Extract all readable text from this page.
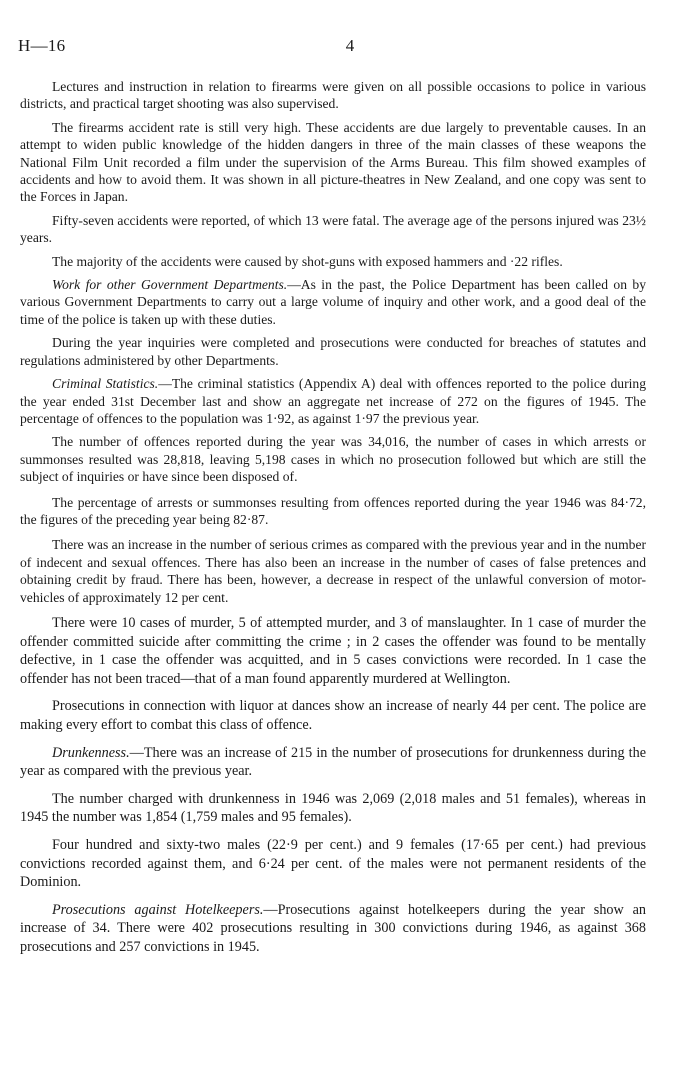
H—16	4

Lectures and instruction in relation to firearms were given on all possible occasions to police in various districts, and practical target shooting was also supervised.

The firearms accident rate is still very high. These accidents are due largely to preventable causes. In an attempt to widen public knowledge of the hidden dangers in three of the main classes of these weapons the National Film Unit recorded a film under the supervision of the Arms Bureau. This film showed examples of accidents and how to avoid them. It was shown in all picture-theatres in New Zealand, and one copy was sent to the Forces in Japan.

Fifty-seven accidents were reported, of which 13 were fatal. The average age of the persons injured was 23½ years.

The majority of the accidents were caused by shot-guns with exposed hammers and ·22 rifles.

Work for other Government Departments.—As in the past, the Police Department has been called on by various Government Departments to carry out a large volume of inquiry and other work, and a good deal of the time of the police is taken up with these duties.

During the year inquiries were completed and prosecutions were conducted for breaches of statutes and regulations administered by other Departments.

Criminal Statistics.—The criminal statistics (Appendix A) deal with offences reported to the police during the year ended 31st December last and show an aggregate net increase of 272 on the figures of 1945. The percentage of offences to the population was 1·92, as against 1·97 the previous year.

The number of offences reported during the year was 34,016, the number of cases in which arrests or summonses resulted was 28,818, leaving 5,198 cases in which no prosecution followed but which are still the subject of inquiries or have since been disposed of.

The percentage of arrests or summonses resulting from offences reported during the year 1946 was 84·72, the figures of the preceding year being 82·87.

There was an increase in the number of serious crimes as compared with the previous year and in the number of indecent and sexual offences. There has also been an increase in the number of cases of false pretences and obtaining credit by fraud. There has been, however, a decrease in respect of the unlawful conversion of motor-vehicles of approximately 12 per cent.

There were 10 cases of murder, 5 of attempted murder, and 3 of manslaughter. In 1 case of murder the offender committed suicide after committing the crime ; in 2 cases the offender was found to be mentally defective, in 1 case the offender was acquitted, and in 5 cases convictions were recorded. In 1 case the offender has not been traced—that of a man found apparently murdered at Wellington.

Prosecutions in connection with liquor at dances show an increase of nearly 44 per cent. The police are making every effort to combat this class of offence.

Drunkenness.—There was an increase of 215 in the number of prosecutions for drunkenness during the year as compared with the previous year.

The number charged with drunkenness in 1946 was 2,069 (2,018 males and 51 females), whereas in 1945 the number was 1,854 (1,759 males and 95 females).

Four hundred and sixty-two males (22·9 per cent.) and 9 females (17·65 per cent.) had previous convictions recorded against them, and 6·24 per cent. of the males were not permanent residents of the Dominion.

Prosecutions against Hotelkeepers.—Prosecutions against hotelkeepers during the year show an increase of 34. There were 402 prosecutions resulting in 300 convictions during 1946, as against 368 prosecutions and 257 convictions in 1945.
